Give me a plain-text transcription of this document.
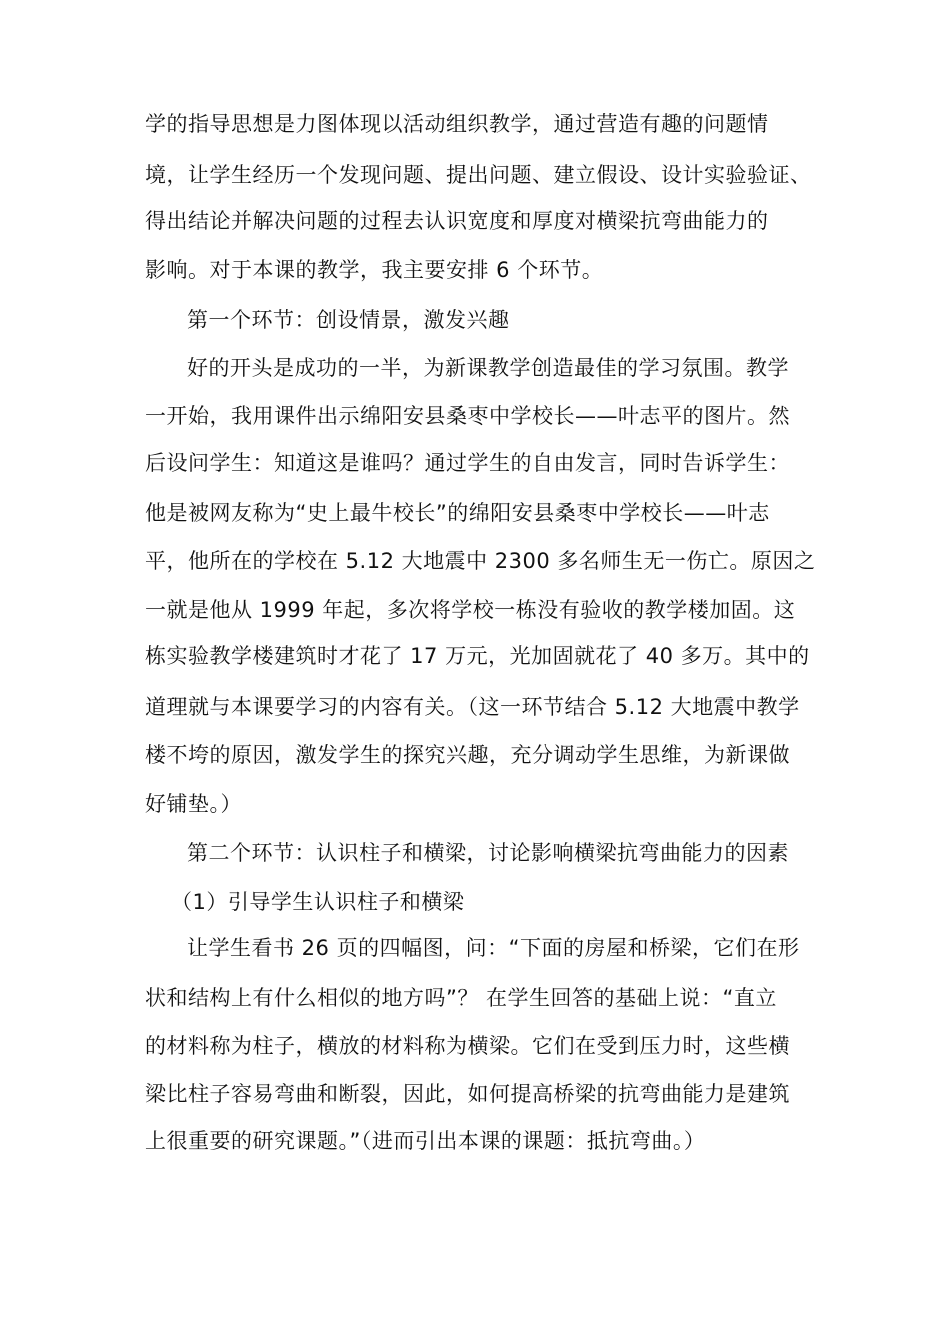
学的指导思想是力图体现以活动组织教学，通过营造有趣的问题情
境，让学生经历一个发现问题、提出问题、建立假设、设计实验验证、
得出结论并解决问题的过程去认识宽度和厚度对横梁抗弯曲能力的
影响。对于本课的教学，我主要安排 6 个环节。
第一个环节：创设情景，激发兴趣
好的开头是成功的一半，为新课教学创造最佳的学习氛围。教学
一开始，我用课件出示绵阳安县桑枣中学校长——叶志平的图片。然
后设问学生：知道这是谁吗？通过学生的自由发言，同时告诉学生：
他是被网友称为“史上最牛校长”的绵阳安县桑枣中学校长——叶志
平，他所在的学校在 5.12 大地震中 2300 多名师生无一伤亡。原因之
一就是他从 1999 年起，多次将学校一栋没有验收的教学楼加固。这
栋实验教学楼建筑时才花了 17 万元，光加固就花了 40 多万。其中的
道理就与本课要学习的内容有关。（这一环节结合 5.12 大地震中教学
楼不垮的原因，激发学生的探究兴趣，充分调动学生思维，为新课做
好铺垫。）
第二个环节：认识柱子和横梁，讨论影响横梁抗弯曲能力的因素
（1）引导学生认识柱子和横梁
让学生看书 26 页的四幅图，问：“下面的房屋和桥梁，它们在形
状和结构上有什么相似的地方吗”？ 在学生回答的基础上说：“直立
的材料称为柱子，横放的材料称为横梁。它们在受到压力时，这些横
梁比柱子容易弯曲和断裂，因此，如何提高桥梁的抗弯曲能力是建筑
上很重要的研究课题。”（进而引出本课的课题：抵抗弯曲。）
